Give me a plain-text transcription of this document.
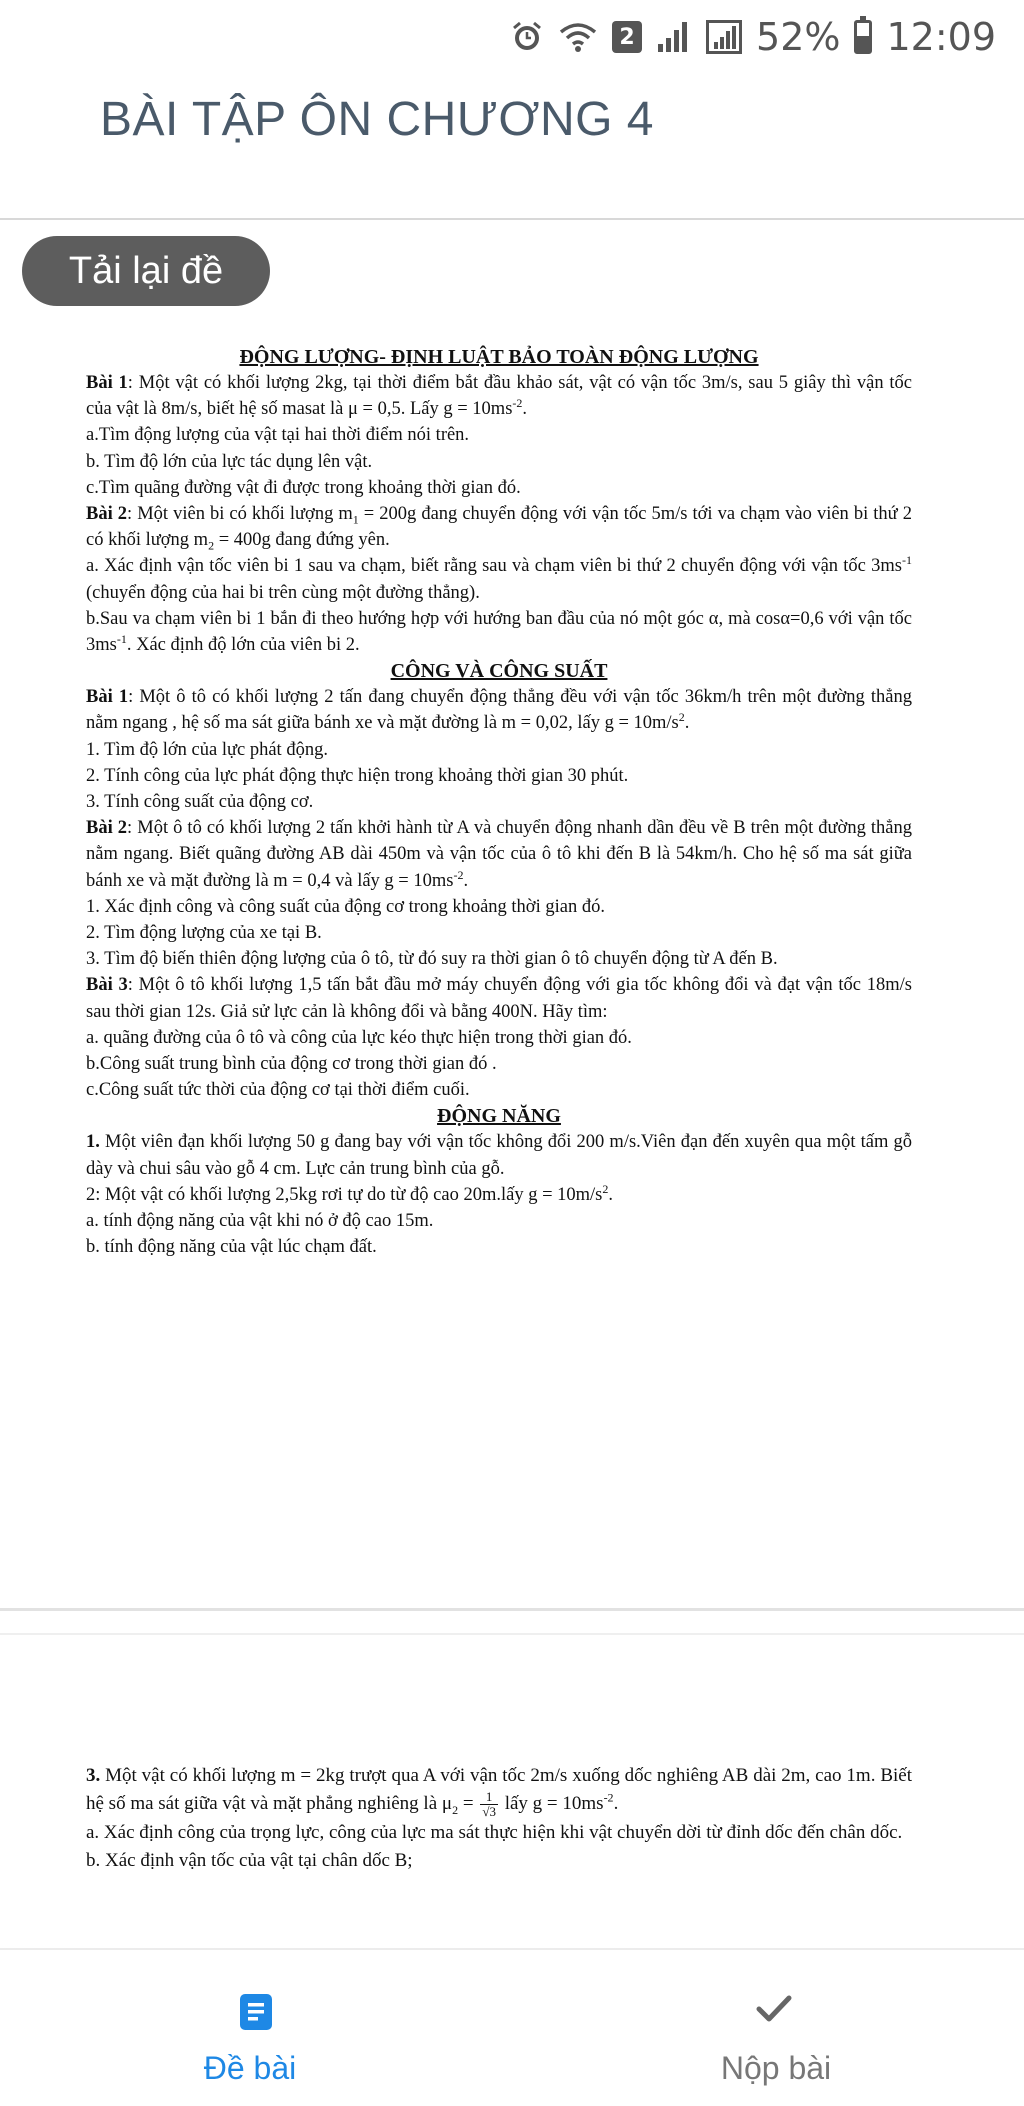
2	52% 12:09
BÀI TẬP ÔN CHƯƠNG 4
Tải lại đề
ĐỘNG LƯỢNG- ĐỊNH LUẬT BẢO TOÀN ĐỘNG LƯỢNG

Bài 1: Một vật có khối lượng 2kg, tại thời điểm bắt đầu khảo sát, vật có vận tốc 3m/s, sau 5 giây thì vận tốc của vật là 8m/s, biết hệ số masat là μ = 0,5. Lấy $g = 10ms^{-2}$.

a.Tìm động lượng của vật tại hai thời điểm nói trên.

b. Tìm độ lớn của lực tác dụng lên vật.

c.Tìm quãng đường vật đi được trong khoảng thời gian đó.

Bài 2: Một viên bi có khối lượng $m_1 = 200g$ đang chuyển động với vận tốc 5m/s tới va chạm vào viên bi thứ 2 có khối lượng $m_2 = 400g$ đang đứng yên.

a. Xác định vận tốc viên bi 1 sau va chạm, biết rằng sau và chạm viên bi thứ 2 chuyển động với vận tốc $3ms^{-1}$ (chuyển động của hai bi trên cùng một đường thẳng).

b.Sau va chạm viên bi 1 bắn đi theo hướng hợp với hướng ban đầu của nó một góc α, mà cosα=0,6 với vận tốc $3ms^{-1}$. Xác định độ lớn của viên bi 2.

CÔNG VÀ CÔNG SUẤT

Bài 1: Một ô tô có khối lượng 2 tấn đang chuyển động thẳng đều với vận tốc 36km/h trên một đường thẳng nằm ngang , hệ số ma sát giữa bánh xe và mặt đường là m = 0,02, lấy $g = 10m/s^2$.

1. Tìm độ lớn của lực phát động.

2. Tính công của lực phát động thực hiện trong khoảng thời gian 30 phút.

3. Tính công suất của động cơ.

Bài 2: Một ô tô có khối lượng 2 tấn khởi hành từ A và chuyển động nhanh dần đều về B trên một đường thẳng nằm ngang. Biết quãng đường AB dài 450m và vận tốc của ô tô khi đến B là 54km/h. Cho hệ số ma sát giữa bánh xe và mặt đường là m = 0,4 và lấy $g = 10ms^{-2}$.

1. Xác định công và công suất của động cơ trong khoảng thời gian đó.

2. Tìm động lượng của xe tại B.

3. Tìm độ biến thiên động lượng của ô tô, từ đó suy ra thời gian ô tô chuyển động từ A đến B.

Bài 3: Một ô tô khối lượng 1,5 tấn bắt đầu mở máy chuyển động với gia tốc không đổi và đạt vận tốc 18m/s sau thời gian 12s. Giả sử lực cản là không đổi và bằng 400N. Hãy tìm:

a. quãng đường của ô tô và công của lực kéo thực hiện trong thời gian đó.

b.Công suất trung bình của động cơ trong thời gian đó .

c.Công suất tức thời của động cơ tại thời điểm cuối.

ĐỘNG NĂNG

1. Một viên đạn khối lượng 50 g đang bay với vận tốc không đổi 200 m/s.Viên đạn đến xuyên qua một tấm gỗ dày và chui sâu vào gỗ 4 cm. Lực cản trung bình của gỗ.

2: Một vật có khối lượng 2,5kg rơi tự do từ độ cao 20m.lấy $g = 10m/s^2$.

a. tính động năng của vật khi nó ở độ cao 15m.

b. tính động năng của vật lúc chạm đất.

3. Một vật có khối lượng m = 2kg trượt qua A với vận tốc 2m/s xuống dốc nghiêng AB dài 2m, cao 1m. Biết hệ số ma sát giữa vật và mặt phẳng nghiêng là $\mu_2 = \frac{1}{√3}$ lấy $g = 10ms^{-2}$.

a. Xác định công của trọng lực, công của lực ma sát thực hiện khi vật chuyển dời từ đỉnh dốc đến chân dốc.

b. Xác định vận tốc của vật tại chân dốc B;

Đề bài	Nộp bài
